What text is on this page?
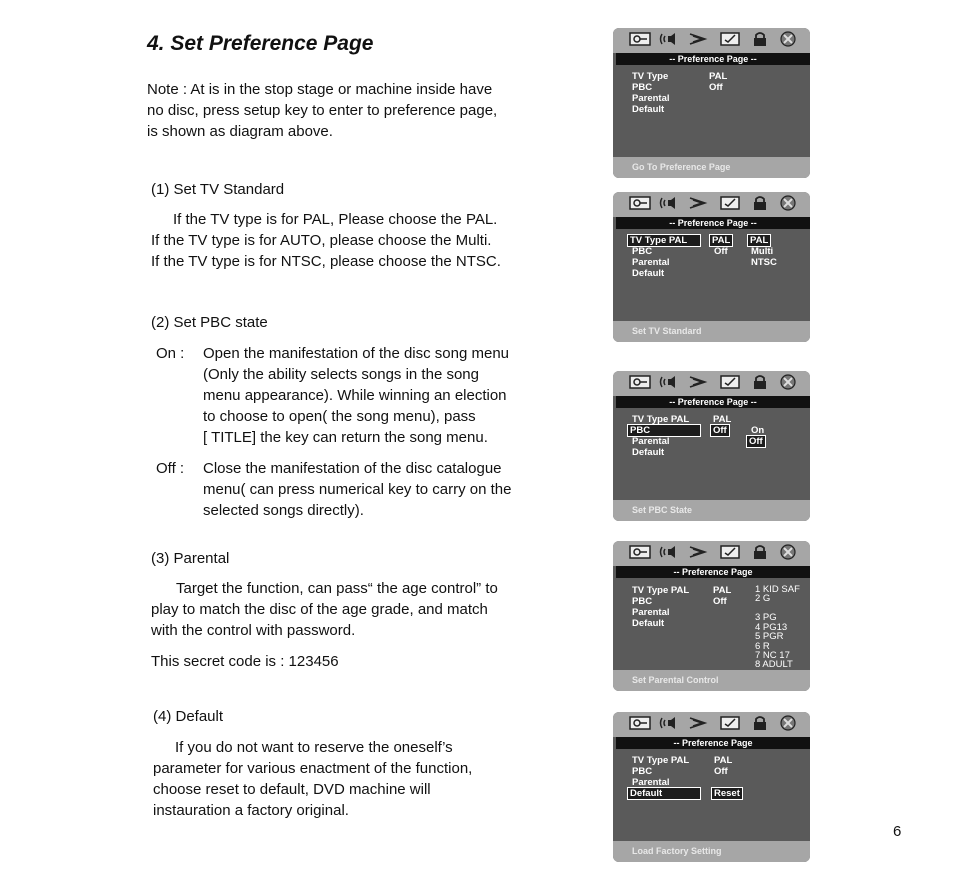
4. Set Preference Page
Note : At is in the stop stage or machine inside have
no disc, press setup key to enter to preference page,
is shown as diagram above.
(1) Set TV Standard
If the TV type is for PAL, Please choose the PAL.
If the TV type is for AUTO, please choose the Multi.
If the TV type is for NTSC, please choose the NTSC.
(2) Set PBC state
On : Open the manifestation of the disc song menu
(Only the ability selects songs in the song
menu appearance). While winning an election
to choose to open( the song menu), pass
[ TITLE] the key can return the song menu.
Off : Close the manifestation of the disc catalogue
menu( can press numerical key to carry on the
selected songs directly).
(3) Parental
Target the function, can pass“ the age control” to
play to match the disc of the age grade, and match
with the control with password.
This secret code is : 123456
(4) Default
If you do not want to reserve the oneself’s
parameter for various enactment of the function,
choose reset to default, DVD machine will
instauration a factory original.
6
-- Preference Page --
TV Type
PBC
Parental
Default
PAL
Off
Go To Preference Page
-- Preference Page --
TV Type PAL
PBC
Parental
Default
PAL
Off
PAL
Multi
NTSC
Set TV Standard
-- Preference Page --
TV Type PAL
PBC
Parental
Default
PAL
Off	On
Off
Set PBC State
-- Preference Page
TV Type PAL
PBC
Parental
Default
PAL
Off
1 KID SAF
2 G
3 PG
4 PG13
5 PGR
6 R
7 NC 17
8 ADULT
Set Parental Control
-- Preference Page
TV Type PAL
PBC
Parental
Default
PAL
Off
Reset
Load Factory Setting
